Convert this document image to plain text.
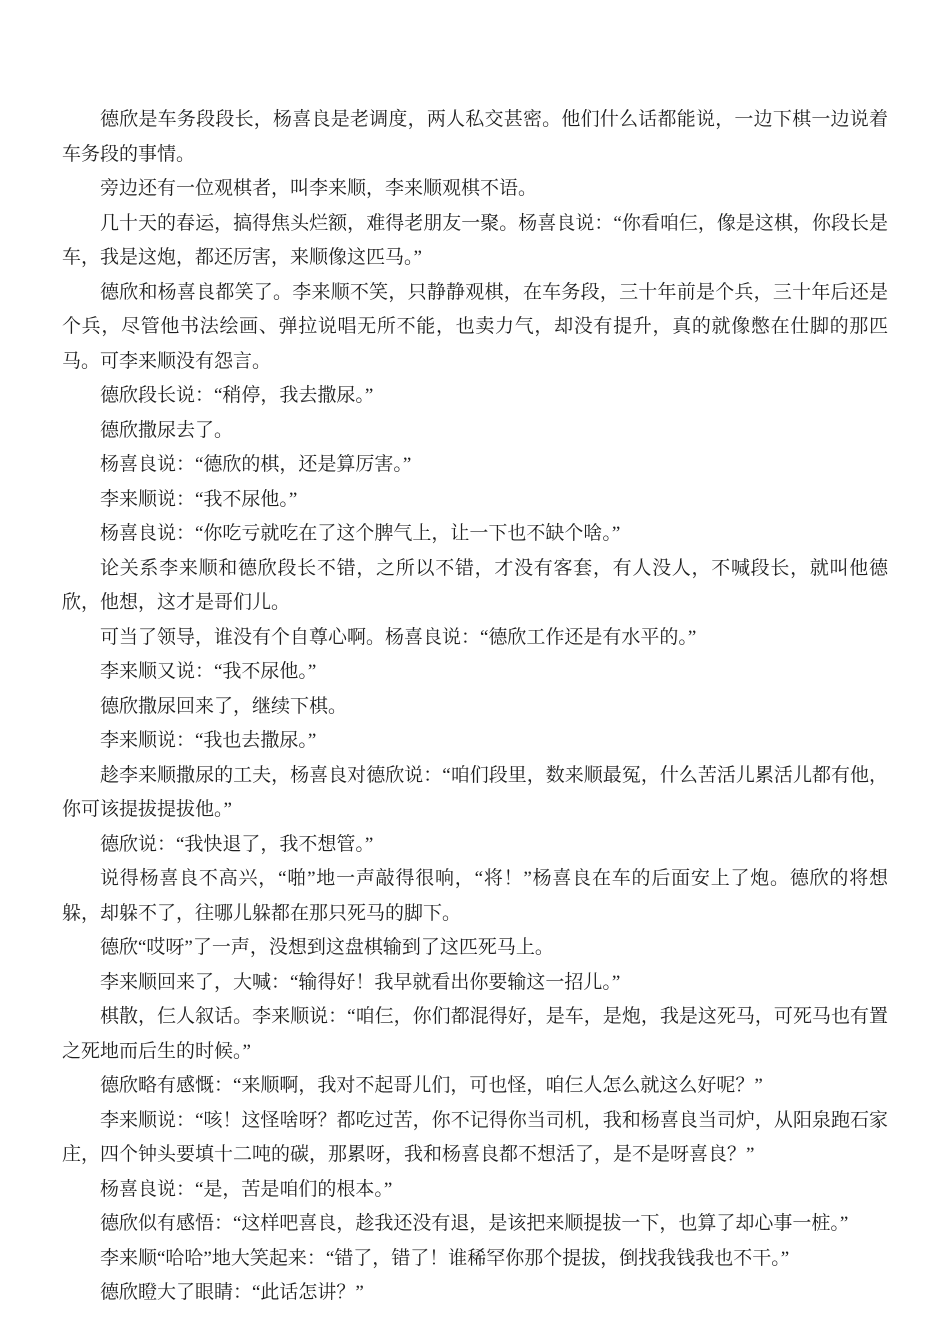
德欣是车务段段长，杨喜良是老调度，两人私交甚密。他们什么话都能说，一边下棋一边说着车务段的事情。

旁边还有一位观棋者，叫李来顺，李来顺观棋不语。

几十天的春运，搞得焦头烂额，难得老朋友一聚。杨喜良说：“你看咱仨，像是这棋，你段长是车，我是这炮，都还厉害，来顺像这匹马。”

德欣和杨喜良都笑了。李来顺不笑，只静静观棋，在车务段，三十年前是个兵，三十年后还是个兵，尽管他书法绘画、弹拉说唱无所不能，也卖力气，却没有提升，真的就像憋在仕脚的那匹马。可李来顺没有怨言。

德欣段长说：“稍停，我去撒尿。”

德欣撒尿去了。

杨喜良说：“德欣的棋，还是算厉害。”

李来顺说：“我不尿他。”

杨喜良说：“你吃亏就吃在了这个脾气上，让一下也不缺个啥。”

论关系李来顺和德欣段长不错，之所以不错，才没有客套，有人没人，不喊段长，就叫他德欣，他想，这才是哥们儿。

可当了领导，谁没有个自尊心啊。杨喜良说：“德欣工作还是有水平的。”

李来顺又说：“我不尿他。”

德欣撒尿回来了，继续下棋。

李来顺说：“我也去撒尿。”

趁李来顺撒尿的工夫，杨喜良对德欣说：“咱们段里，数来顺最冤，什么苦活儿累活儿都有他，你可该提拔提拔他。”

德欣说：“我快退了，我不想管。”

说得杨喜良不高兴，“啪”地一声敲得很响，“将！”杨喜良在车的后面安上了炮。德欣的将想躲，却躲不了，往哪儿躲都在那只死马的脚下。

德欣“哎呀”了一声，没想到这盘棋输到了这匹死马上。

李来顺回来了，大喊：“输得好！我早就看出你要输这一招儿。”

棋散，仨人叙话。李来顺说：“咱仨，你们都混得好，是车，是炮，我是这死马，可死马也有置之死地而后生的时候。”

德欣略有感慨：“来顺啊，我对不起哥儿们，可也怪，咱仨人怎么就这么好呢？”

李来顺说：“咳！这怪啥呀？都吃过苦，你不记得你当司机，我和杨喜良当司炉，从阳泉跑石家庄，四个钟头要填十二吨的碳，那累呀，我和杨喜良都不想活了，是不是呀喜良？”

杨喜良说：“是，苦是咱们的根本。”

德欣似有感悟：“这样吧喜良，趁我还没有退，是该把来顺提拔一下，也算了却心事一桩。”

李来顺“哈哈”地大笑起来：“错了，错了！谁稀罕你那个提拔，倒找我钱我也不干。”

德欣瞪大了眼睛：“此话怎讲？”
